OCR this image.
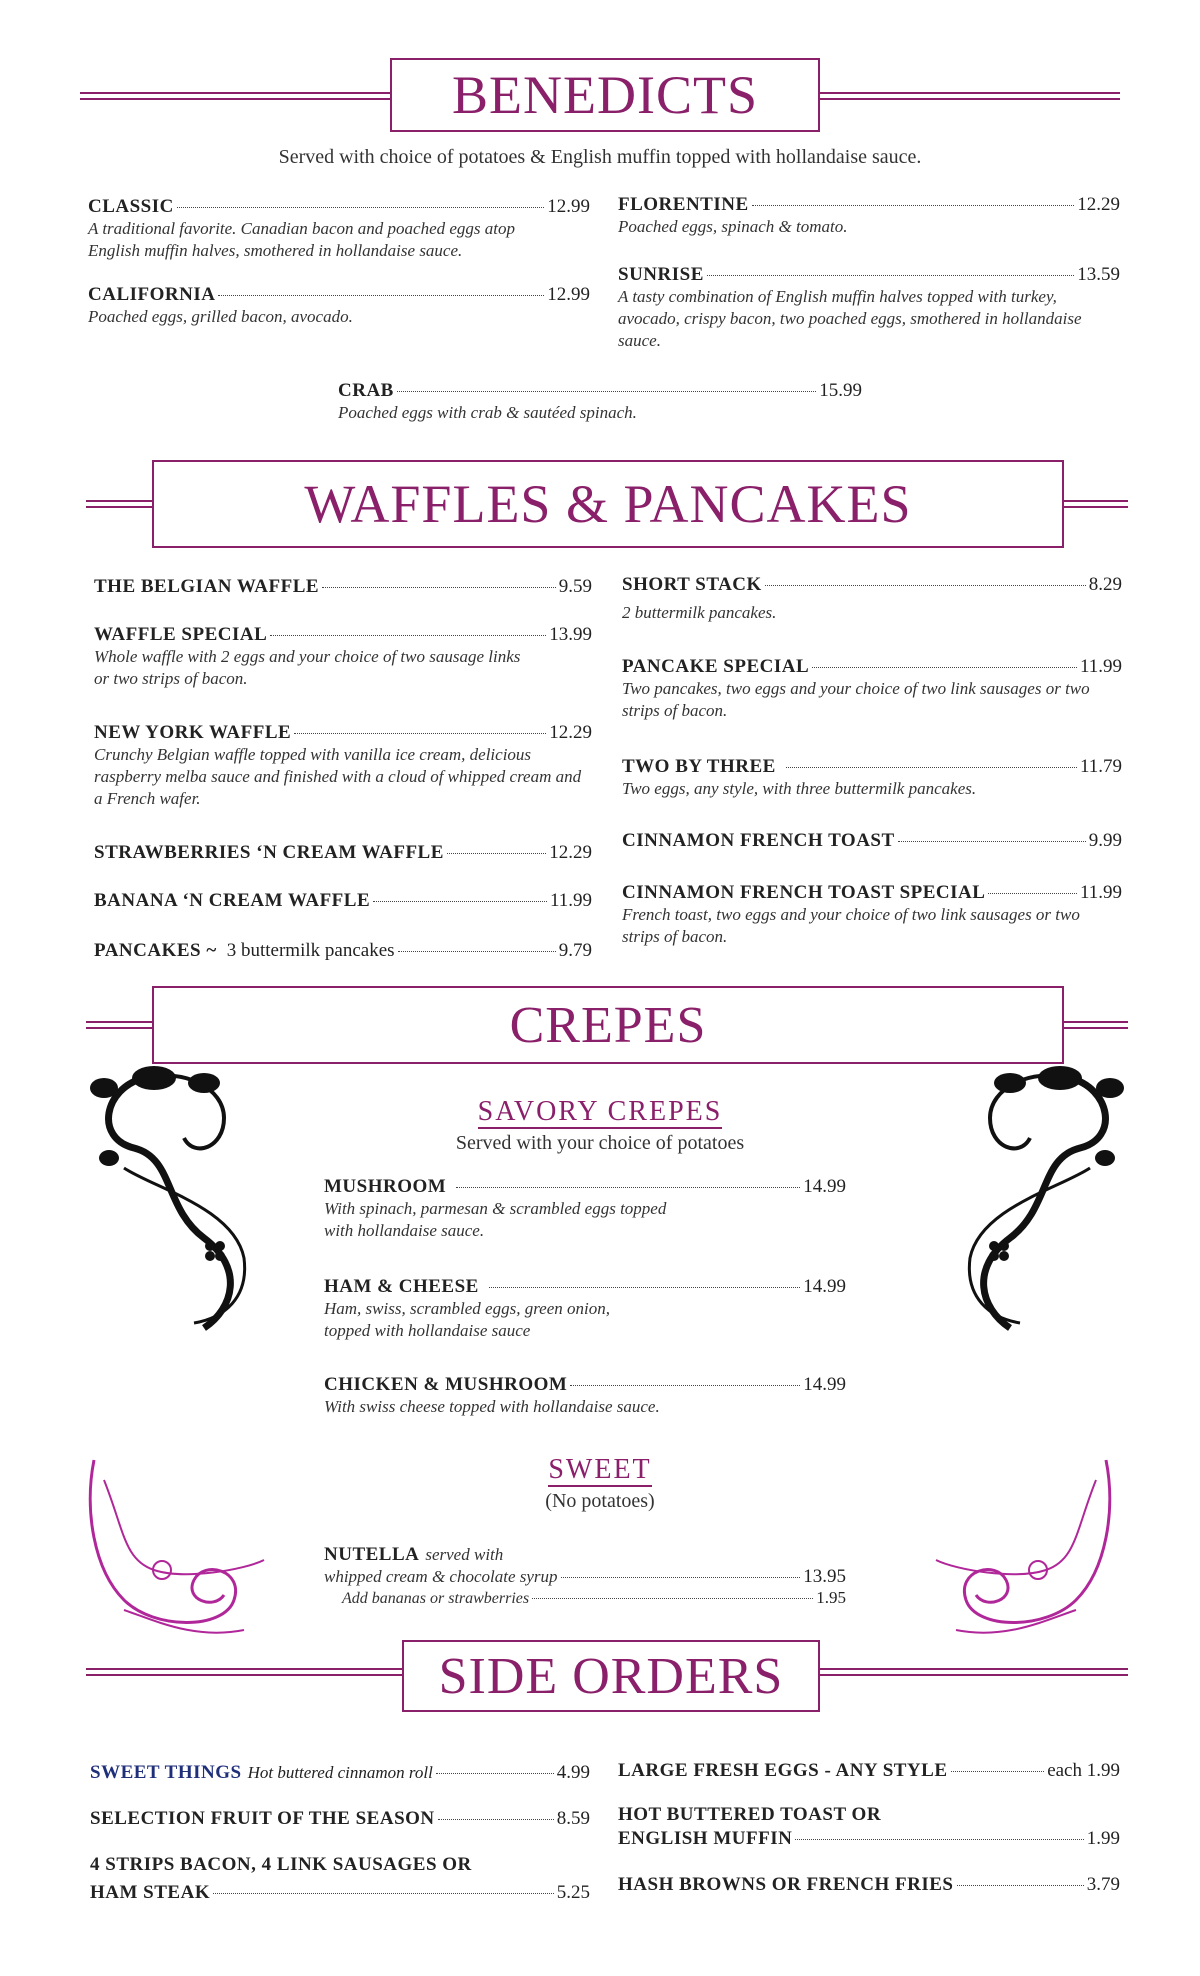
BENEDICTS
Served with choice of potatoes & English muffin topped with hollandaise sauce.
CLASSIC	12.99
A traditional favorite. Canadian bacon and poached eggs atop English muffin halves, smothered in hollandaise sauce.
CALIFORNIA	12.99
Poached eggs, grilled bacon, avocado.
FLORENTINE	12.29
Poached eggs, spinach & tomato.
SUNRISE	13.59
A tasty combination of English muffin halves topped with turkey, avocado, crispy bacon, two poached eggs, smothered in hollandaise sauce.
CRAB	15.99
Poached eggs with crab & sautéed spinach.
WAFFLES & PANCAKES
THE BELGIAN WAFFLE	9.59
WAFFLE SPECIAL	13.99
Whole waffle with 2 eggs and your choice of two sausage links or two strips of bacon.
NEW YORK WAFFLE	12.29
Crunchy Belgian waffle topped with vanilla ice cream, delicious raspberry melba sauce and finished with a cloud of whipped cream and a French wafer.
STRAWBERRIES ‘N CREAM WAFFLE	12.29
BANANA ‘N CREAM WAFFLE	11.99
PANCAKES ~ 3 buttermilk pancakes	9.79
SHORT STACK	8.29
2 buttermilk pancakes.
PANCAKE SPECIAL	11.99
Two pancakes, two eggs and your choice of two link sausages or two strips of bacon.
TWO BY THREE	11.79
Two eggs, any style, with three buttermilk pancakes.
CINNAMON FRENCH TOAST	9.99
CINNAMON FRENCH TOAST SPECIAL	11.99
French toast, two eggs and your choice of two link sausages or two strips of bacon.
CREPES
SAVORY CREPES
Served with your choice of potatoes
MUSHROOM	14.99
With spinach, parmesan & scrambled eggs topped with hollandaise sauce.
HAM & CHEESE	14.99
Ham, swiss, scrambled eggs, green onion, topped with hollandaise sauce
CHICKEN & MUSHROOM	14.99
With swiss cheese topped with hollandaise sauce.
SWEET
(No potatoes)
NUTELLA served with
whipped cream & chocolate syrup	13.95
Add bananas or strawberries	1.95
SIDE ORDERS
SWEET THINGS Hot buttered cinnamon roll	4.99
SELECTION FRUIT OF THE SEASON	8.59
4 STRIPS BACON, 4 LINK SAUSAGES OR
HAM STEAK	5.25
LARGE FRESH EGGS - ANY STYLE	each 1.99
HOT BUTTERED TOAST OR
ENGLISH MUFFIN	1.99
HASH BROWNS OR FRENCH FRIES	3.79
